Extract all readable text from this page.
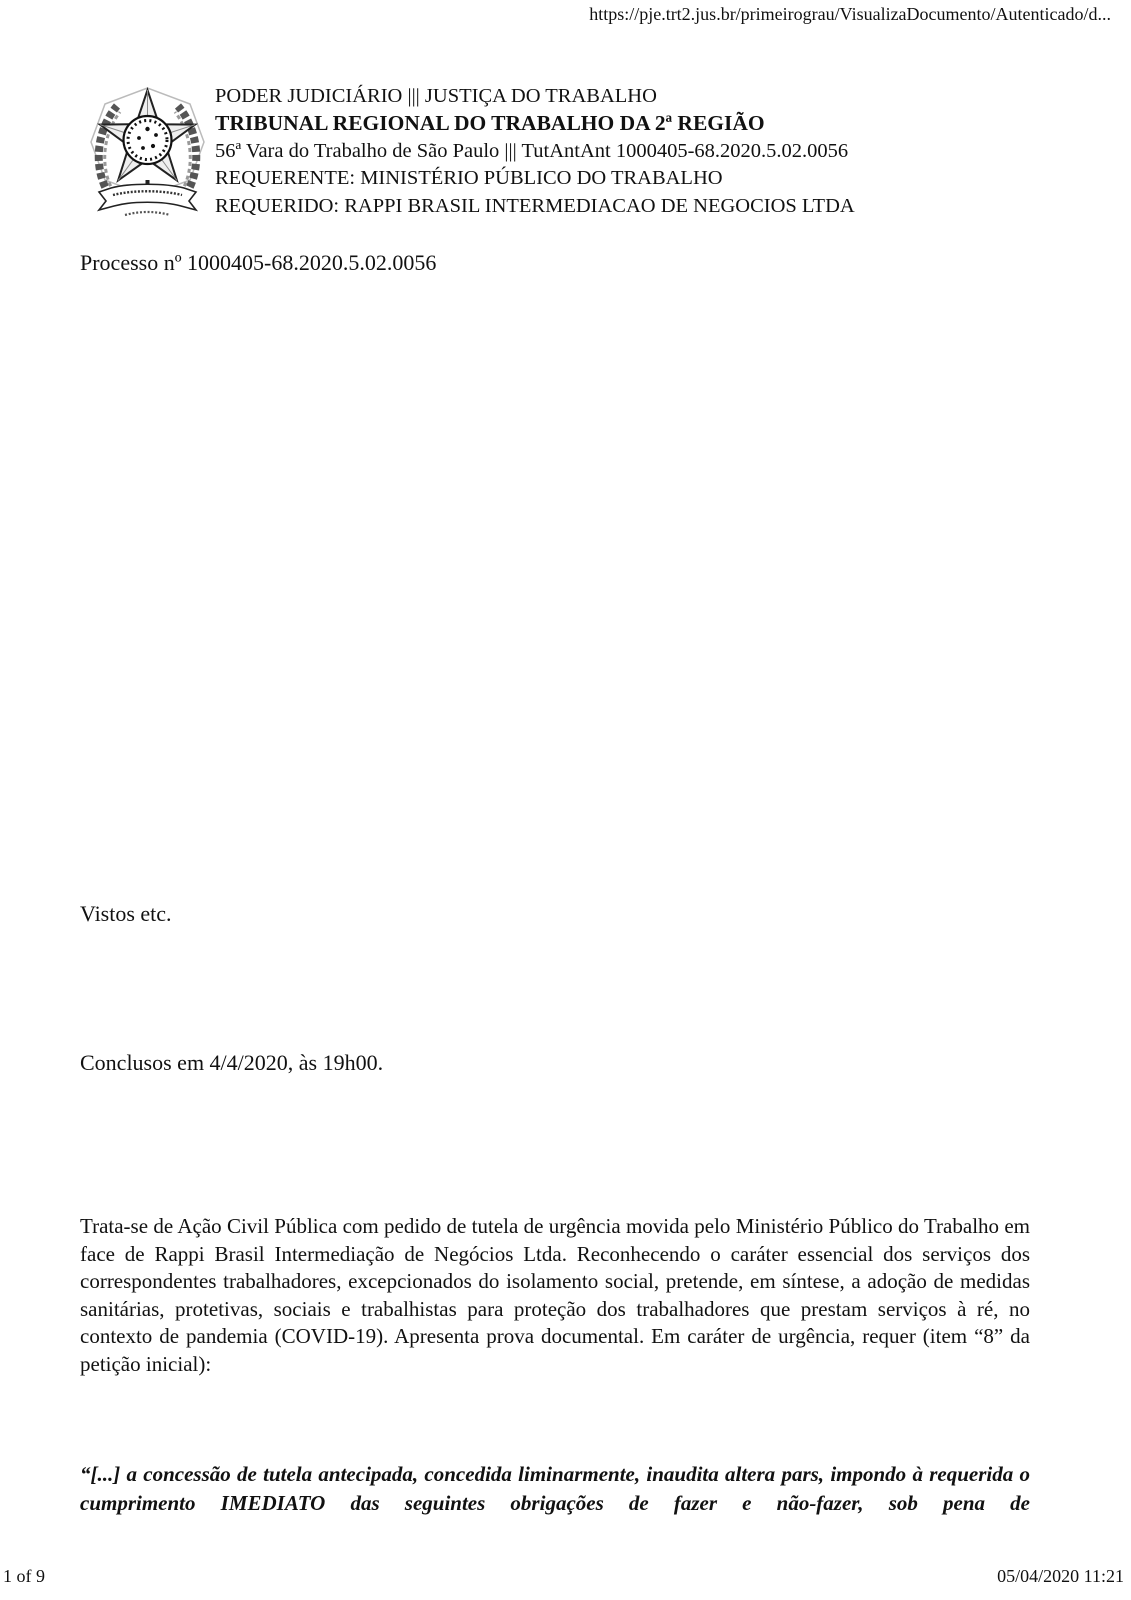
https://pje.trt2.jus.br/primeirograu/VisualizaDocumento/Autenticado/d...
PODER JUDICIÁRIO ||| JUSTIÇA DO TRABALHO
TRIBUNAL REGIONAL DO TRABALHO DA 2ª REGIÃO
56ª Vara do Trabalho de São Paulo ||| TutAntAnt 1000405-68.2020.5.02.0056
REQUERENTE: MINISTÉRIO PÚBLICO DO TRABALHO
REQUERIDO: RAPPI BRASIL INTERMEDIACAO DE NEGOCIOS LTDA
Processo nº 1000405-68.2020.5.02.0056
Vistos etc.
Conclusos em 4/4/2020, às 19h00.

Trata-se de Ação Civil Pública com pedido de tutela de urgência movida pelo Ministério Público do Trabalho em face de Rappi Brasil Intermediação de Negócios Ltda. Reconhecendo o caráter essencial dos serviços dos correspondentes trabalhadores, excepcionados do isolamento social, pretende, em síntese, a adoção de medidas sanitárias, protetivas, sociais e trabalhistas para proteção dos trabalhadores que prestam serviços à ré, no contexto de pandemia (COVID-19). Apresenta prova documental. Em caráter de urgência, requer (item “8” da petição inicial):

“[...] a concessão de tutela antecipada, concedida liminarmente, inaudita altera pars, impondo à requerida o cumprimento IMEDIATO das seguintes obrigações de fazer e não-fazer, sob pena de

1 of 9	05/04/2020 11:21
